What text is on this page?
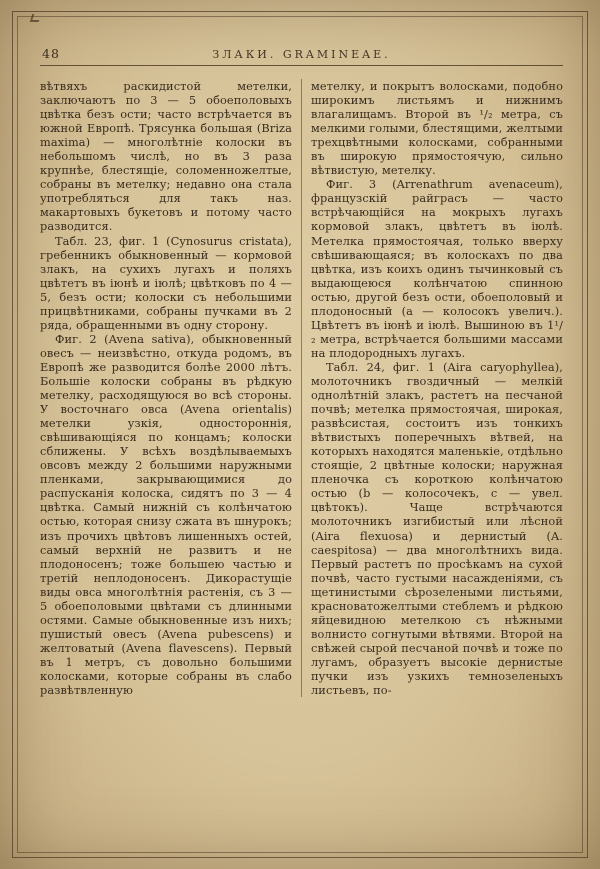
48	ЗЛАКИ. GRAMINEAE.

вѣтвяхъ раскидистой метелки, заключаютъ по 3 — 5 обоеполовыхъ цвѣтка безъ ости; часто встрѣчается въ южной Европѣ. Трясунка большая (Briza maxima) — многолѣтніе колоски въ небольшомъ числѣ, но въ 3 раза крупнѣе, блестящіе, соломенножелтые, собраны въ метелку; недавно она стала употребляться для такъ наз. макартовыхъ букетовъ и потому часто разводится.

Табл. 23, фиг. 1 (Cynosurus cristata), гребенникъ обыкновенный — кормовой злакъ, на сухихъ лугахъ и поляхъ цвѣтетъ въ іюнѣ и іюлѣ; цвѣтковъ по 4 — 5, безъ ости; колоски съ небольшими прицвѣтниками, собраны пучками въ 2 ряда, обращенными въ одну сторону.

Фиг. 2 (Avena sativa), обыкновенный овесъ — неизвѣстно, откуда родомъ, въ Европѣ же разводится болѣе 2000 лѣтъ. Большіе колоски собраны въ рѣдкую метелку, расходящуюся во всѣ стороны. У восточнаго овса (Avena orientalis) метелки узкія, одностороннія, свѣшивающіяся по концамъ; колоски сближены. У всѣхъ воздѣлываемыхъ овсовъ между 2 большими наружными пленками, закрывающимися до распусканія колоска, сидятъ по 3 — 4 цвѣтка. Самый нижній съ колѣнчатою остью, которая снизу сжата въ шнурокъ; изъ прочихъ цвѣтовъ лишенныхъ остей, самый верхній не развитъ и не плодоносенъ; тоже большею частью и третій неплодоносенъ. Дикорастущіе виды овса многолѣтнія растенія, съ 3 — 5 обоеполовыми цвѣтами съ длинными остями. Самые обыкновенные изъ нихъ; пушистый овесъ (Avena pubescens) и желтоватый (Avena flavescens). Первый въ 1 метръ, съ довольно большими колосками, которые собраны въ слабо развѣтвленную

метелку, и покрытъ волосками, подобно широкимъ листьямъ и нижнимъ влагалищамъ. Второй въ ¹/₂ метра, съ мелкими голыми, блестящими, желтыми трехцвѣтными колосками, собранными въ широкую прямостоячую, сильно вѣтвистую, метелку.

Фиг. 3 (Arrenathrum avenaceum), французскій райграсъ — часто встрѣчающійся на мокрыхъ лугахъ кормовой злакъ, цвѣтетъ въ іюлѣ. Метелка прямостоячая, только вверху свѣшивающаяся; въ колоскахъ по два цвѣтка, изъ коихъ одинъ тычинковый съ выдающеюся колѣнчатою спинною остью, другой безъ ости, обоеполовый и плодоносный (a — колосокъ увелич.). Цвѣтетъ въ іюнѣ и іюлѣ. Вышиною въ 1¹/₂ метра, встрѣчается большими массами на плодородныхъ лугахъ.

Табл. 24, фиг. 1 (Aira caryophyllea), молоточникъ гвоздичный — мелкій однолѣтній злакъ, растетъ на песчаной почвѣ; метелка прямостоячая, широкая, развѣсистая, состоитъ изъ тонкихъ вѣтвистыхъ поперечныхъ вѣтвей, на которыхъ находятся маленькіе, отдѣльно стоящіе, 2 цвѣтные колоски; наружная пленочка съ короткою колѣнчатою остью (b — колосочекъ, c — увел. цвѣтокъ). Чаще встрѣчаются молоточникъ изгибистый или лѣсной (Aira flexuosa) и дернистый (A. caespitosa) — два многолѣтнихъ вида. Первый растетъ по просѣкамъ на сухой почвѣ, часто густыми насажденіями, съ щетинистыми сѣрозелеными листьями, красноватожелтыми стеблемъ и рѣдкою яйцевидною метелкою съ нѣжными волнисто согнутыми вѣтвями. Второй на свѣжей сырой песчаной почвѣ и тоже по лугамъ, образуетъ высокіе дернистые пучки изъ узкихъ темнозеленыхъ листьевъ, по-
